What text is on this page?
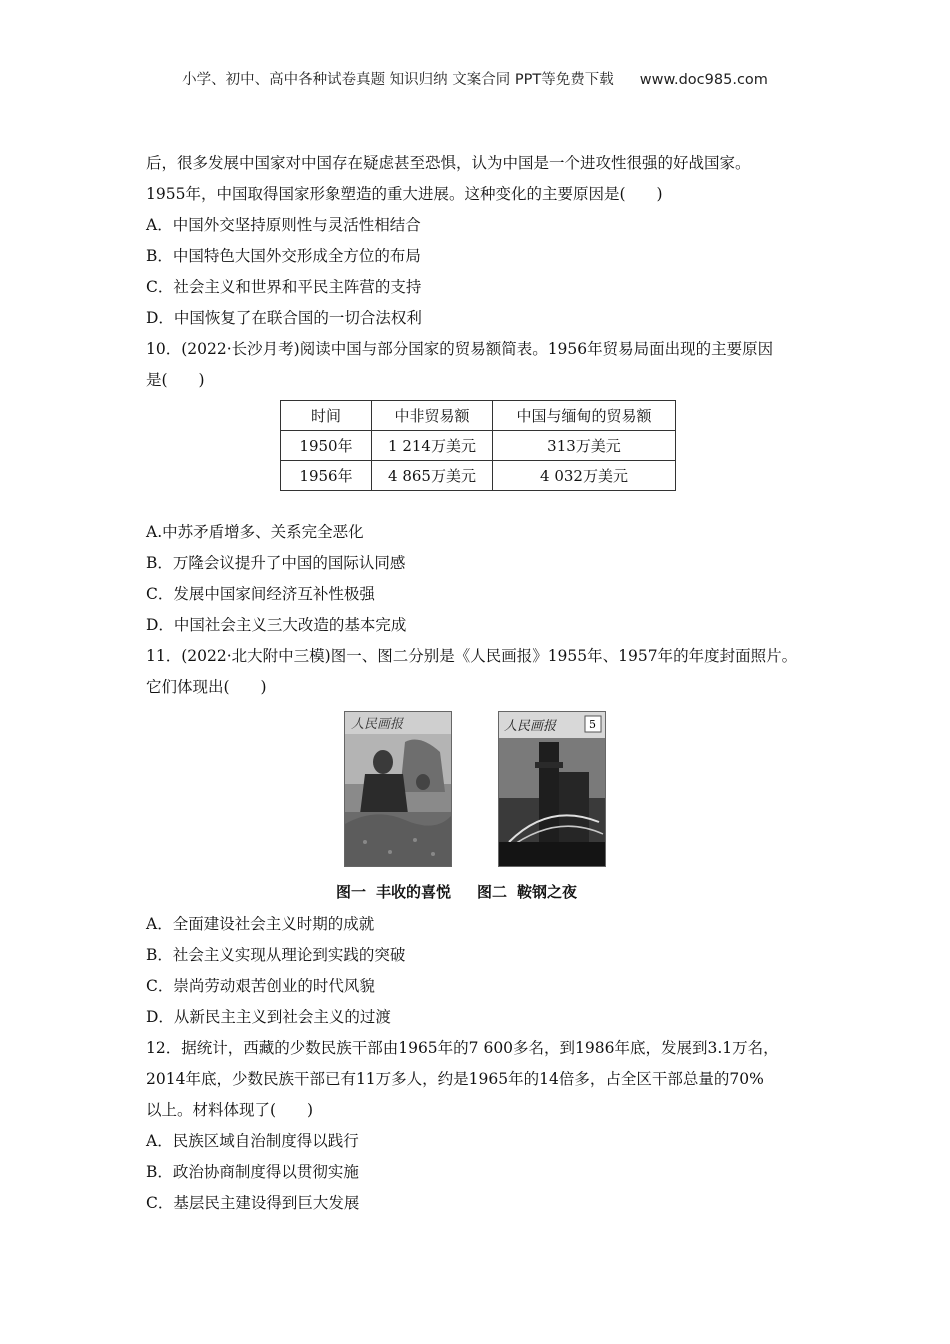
小学、初中、高中各种试卷真题 知识归纳 文案合同 PPT等免费下载 www.doc985.com
后，很多发展中国家对中国存在疑虑甚至恐惧，认为中国是一个进攻性很强的好战国家。
1955年，中国取得国家形象塑造的重大进展。这种变化的主要原因是(　　)
A．中国外交坚持原则性与灵活性相结合
B．中国特色大国外交形成全方位的布局
C．社会主义和世界和平民主阵营的支持
D．中国恢复了在联合国的一切合法权利
10．(2022·长沙月考)阅读中国与部分国家的贸易额简表。1956年贸易局面出现的主要原因
是(　　)
时间	中非贸易额	中国与缅甸的贸易额
1950年	1 214万美元	313万美元
1956年	4 865万美元	4 032万美元
A.中苏矛盾增多、关系完全恶化
B．万隆会议提升了中国的国际认同感
C．发展中国家间经济互补性极强
D．中国社会主义三大改造的基本完成
11．(2022·北大附中三模)图一、图二分别是《人民画报》1955年、1957年的年度封面照片。
它们体现出(　　)
人民画报	人民画报	5
图一 丰收的喜悦 图二 鞍钢之夜
A．全面建设社会主义时期的成就
B．社会主义实现从理论到实践的突破
C．崇尚劳动艰苦创业的时代风貌
D．从新民主主义到社会主义的过渡
12．据统计，西藏的少数民族干部由1965年的7 600多名，到1986年底，发展到3.1万名，
2014年底，少数民族干部已有11万多人，约是1965年的14倍多，占全区干部总量的70%
以上。材料体现了(　　)
A．民族区域自治制度得以践行
B．政治协商制度得以贯彻实施
C．基层民主建设得到巨大发展
